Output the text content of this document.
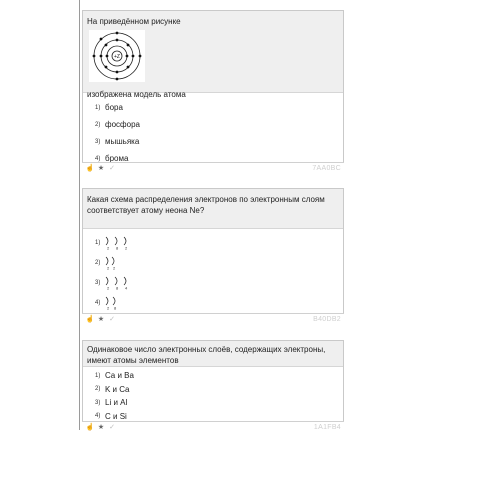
На приведённом рисунке
+Z
изображена модель атома
1) бора
2) фосфора
3) мышьяка
4) брома
☝ ★ ✓	7AA0BC
Какая схема распределения электронов по электронным слоям соответствует атому неона Ne?
1)
2 8 2
2)
2 2
3)
2 8 4
4)
2 8
☝ ★ ✓	B40DB2
Одинаковое число электронных слоёв, содержащих электроны, имеют атомы элементов
1) Ca и Ba
2) K и Ca
3) Li и Al
4) C и Si
☝ ★ ✓	1A1FB4
